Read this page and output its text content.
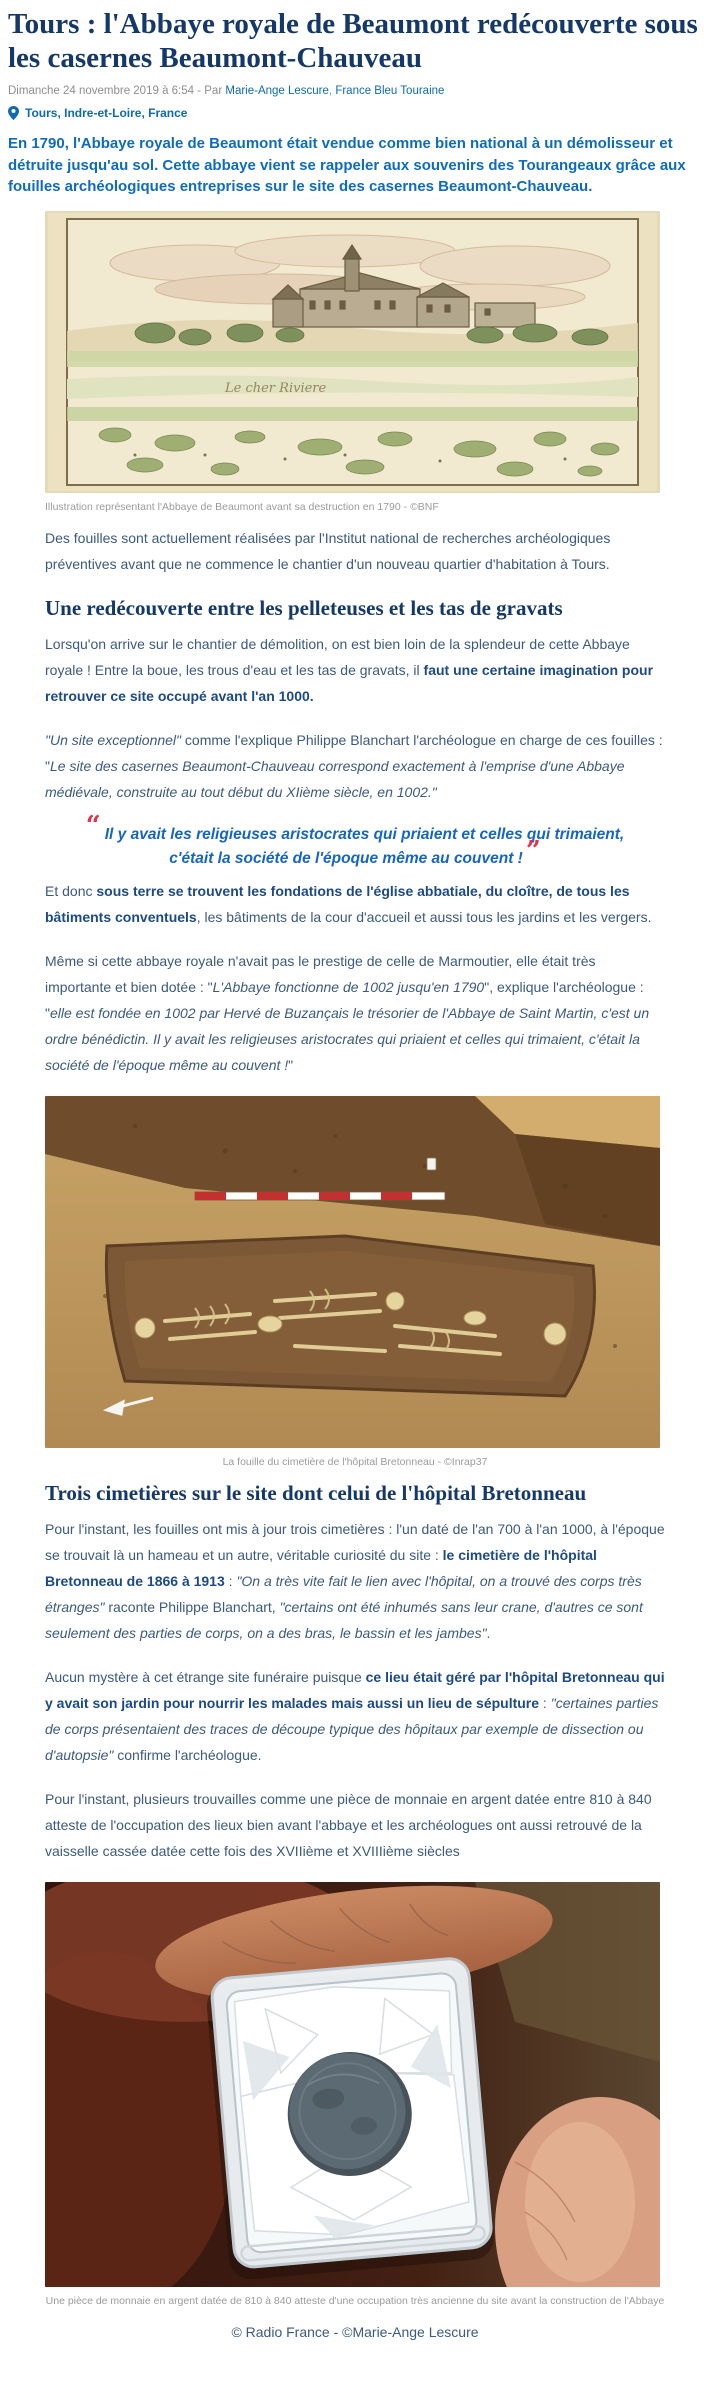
Tours : l'Abbaye royale de Beaumont redécouverte sous les casernes Beaumont-Chauveau

Dimanche 24 novembre 2019 à 6:54 - Par Marie-Ange Lescure, France Bleu Touraine

Tours, Indre-et-Loire, France

En 1790, l'Abbaye royale de Beaumont était vendue comme bien national à un démolisseur et détruite jusqu'au sol. Cette abbaye vient se rappeler aux souvenirs des Tourangeaux grâce aux fouilles archéologiques entreprises sur le site des casernes Beaumont-Chauveau.

Le cher Riviere
Illustration représentant l'Abbaye de Beaumont avant sa destruction en 1790 - ©BNF

Des fouilles sont actuellement réalisées par l'Institut national de recherches archéologiques préventives avant que ne commence le chantier d'un nouveau quartier d'habitation à Tours.

Une redécouverte entre les pelleteuses et les tas de gravats

Lorsqu'on arrive sur le chantier de démolition, on est bien loin de la splendeur de cette Abbaye royale ! Entre la boue, les trous d'eau et les tas de gravats, il faut une certaine imagination pour retrouver ce site occupé avant l'an 1000.

"Un site exceptionnel" comme l'explique Philippe Blanchart l'archéologue en charge de ces fouilles : "Le site des casernes Beaumont-Chauveau correspond exactement à l'emprise d'une Abbaye médiévale, construite au tout début du XIième siècle, en 1002."

“ Il y avait les religieuses aristocrates qui priaient et celles qui trimaient, c'était la société de l'époque même au couvent ! ”

Et donc sous terre se trouvent les fondations de l'église abbatiale, du cloître, de tous les bâtiments conventuels, les bâtiments de la cour d'accueil et aussi tous les jardins et les vergers.

Même si cette abbaye royale n'avait pas le prestige de celle de Marmoutier, elle était très importante et bien dotée : "L'Abbaye fonctionne de 1002 jusqu'en 1790", explique l'archéologue : "elle est fondée en 1002 par Hervé de Buzançais le trésorier de l'Abbaye de Saint Martin, c'est un ordre bénédictin. Il y avait les religieuses aristocrates qui priaient et celles qui trimaient, c'était la société de l'époque même au couvent !"

La fouille du cimetière de l'hôpital Bretonneau - ©Inrap37
Trois cimetières sur le site dont celui de l'hôpital Bretonneau

Pour l'instant, les fouilles ont mis à jour trois cimetières : l'un daté de l'an 700 à l'an 1000, à l'époque se trouvait là un hameau et un autre, véritable curiosité du site : le cimetière de l'hôpital Bretonneau de 1866 à 1913 : "On a très vite fait le lien avec l'hôpital, on a trouvé des corps très étranges" raconte Philippe Blanchart, "certains ont été inhumés sans leur crane, d'autres ce sont seulement des parties de corps, on a des bras, le bassin et les jambes".

Aucun mystère à cet étrange site funéraire puisque ce lieu était géré par l'hôpital Bretonneau qui y avait son jardin pour nourrir les malades mais aussi un lieu de sépulture : "certaines parties de corps présentaient des traces de découpe typique des hôpitaux par exemple de dissection ou d'autopsie" confirme l'archéologue.

Pour l'instant, plusieurs trouvailles comme une pièce de monnaie en argent datée entre 810 à 840 atteste de l'occupation des lieux bien avant l'abbaye et les archéologues ont aussi retrouvé de la vaisselle cassée datée cette fois des XVIIième et XVIIIième siècles

Une pièce de monnaie en argent datée de 810 à 840 atteste d'une occupation très ancienne du site avant la construction de l'Abbaye

© Radio France - ©Marie-Ange Lescure
